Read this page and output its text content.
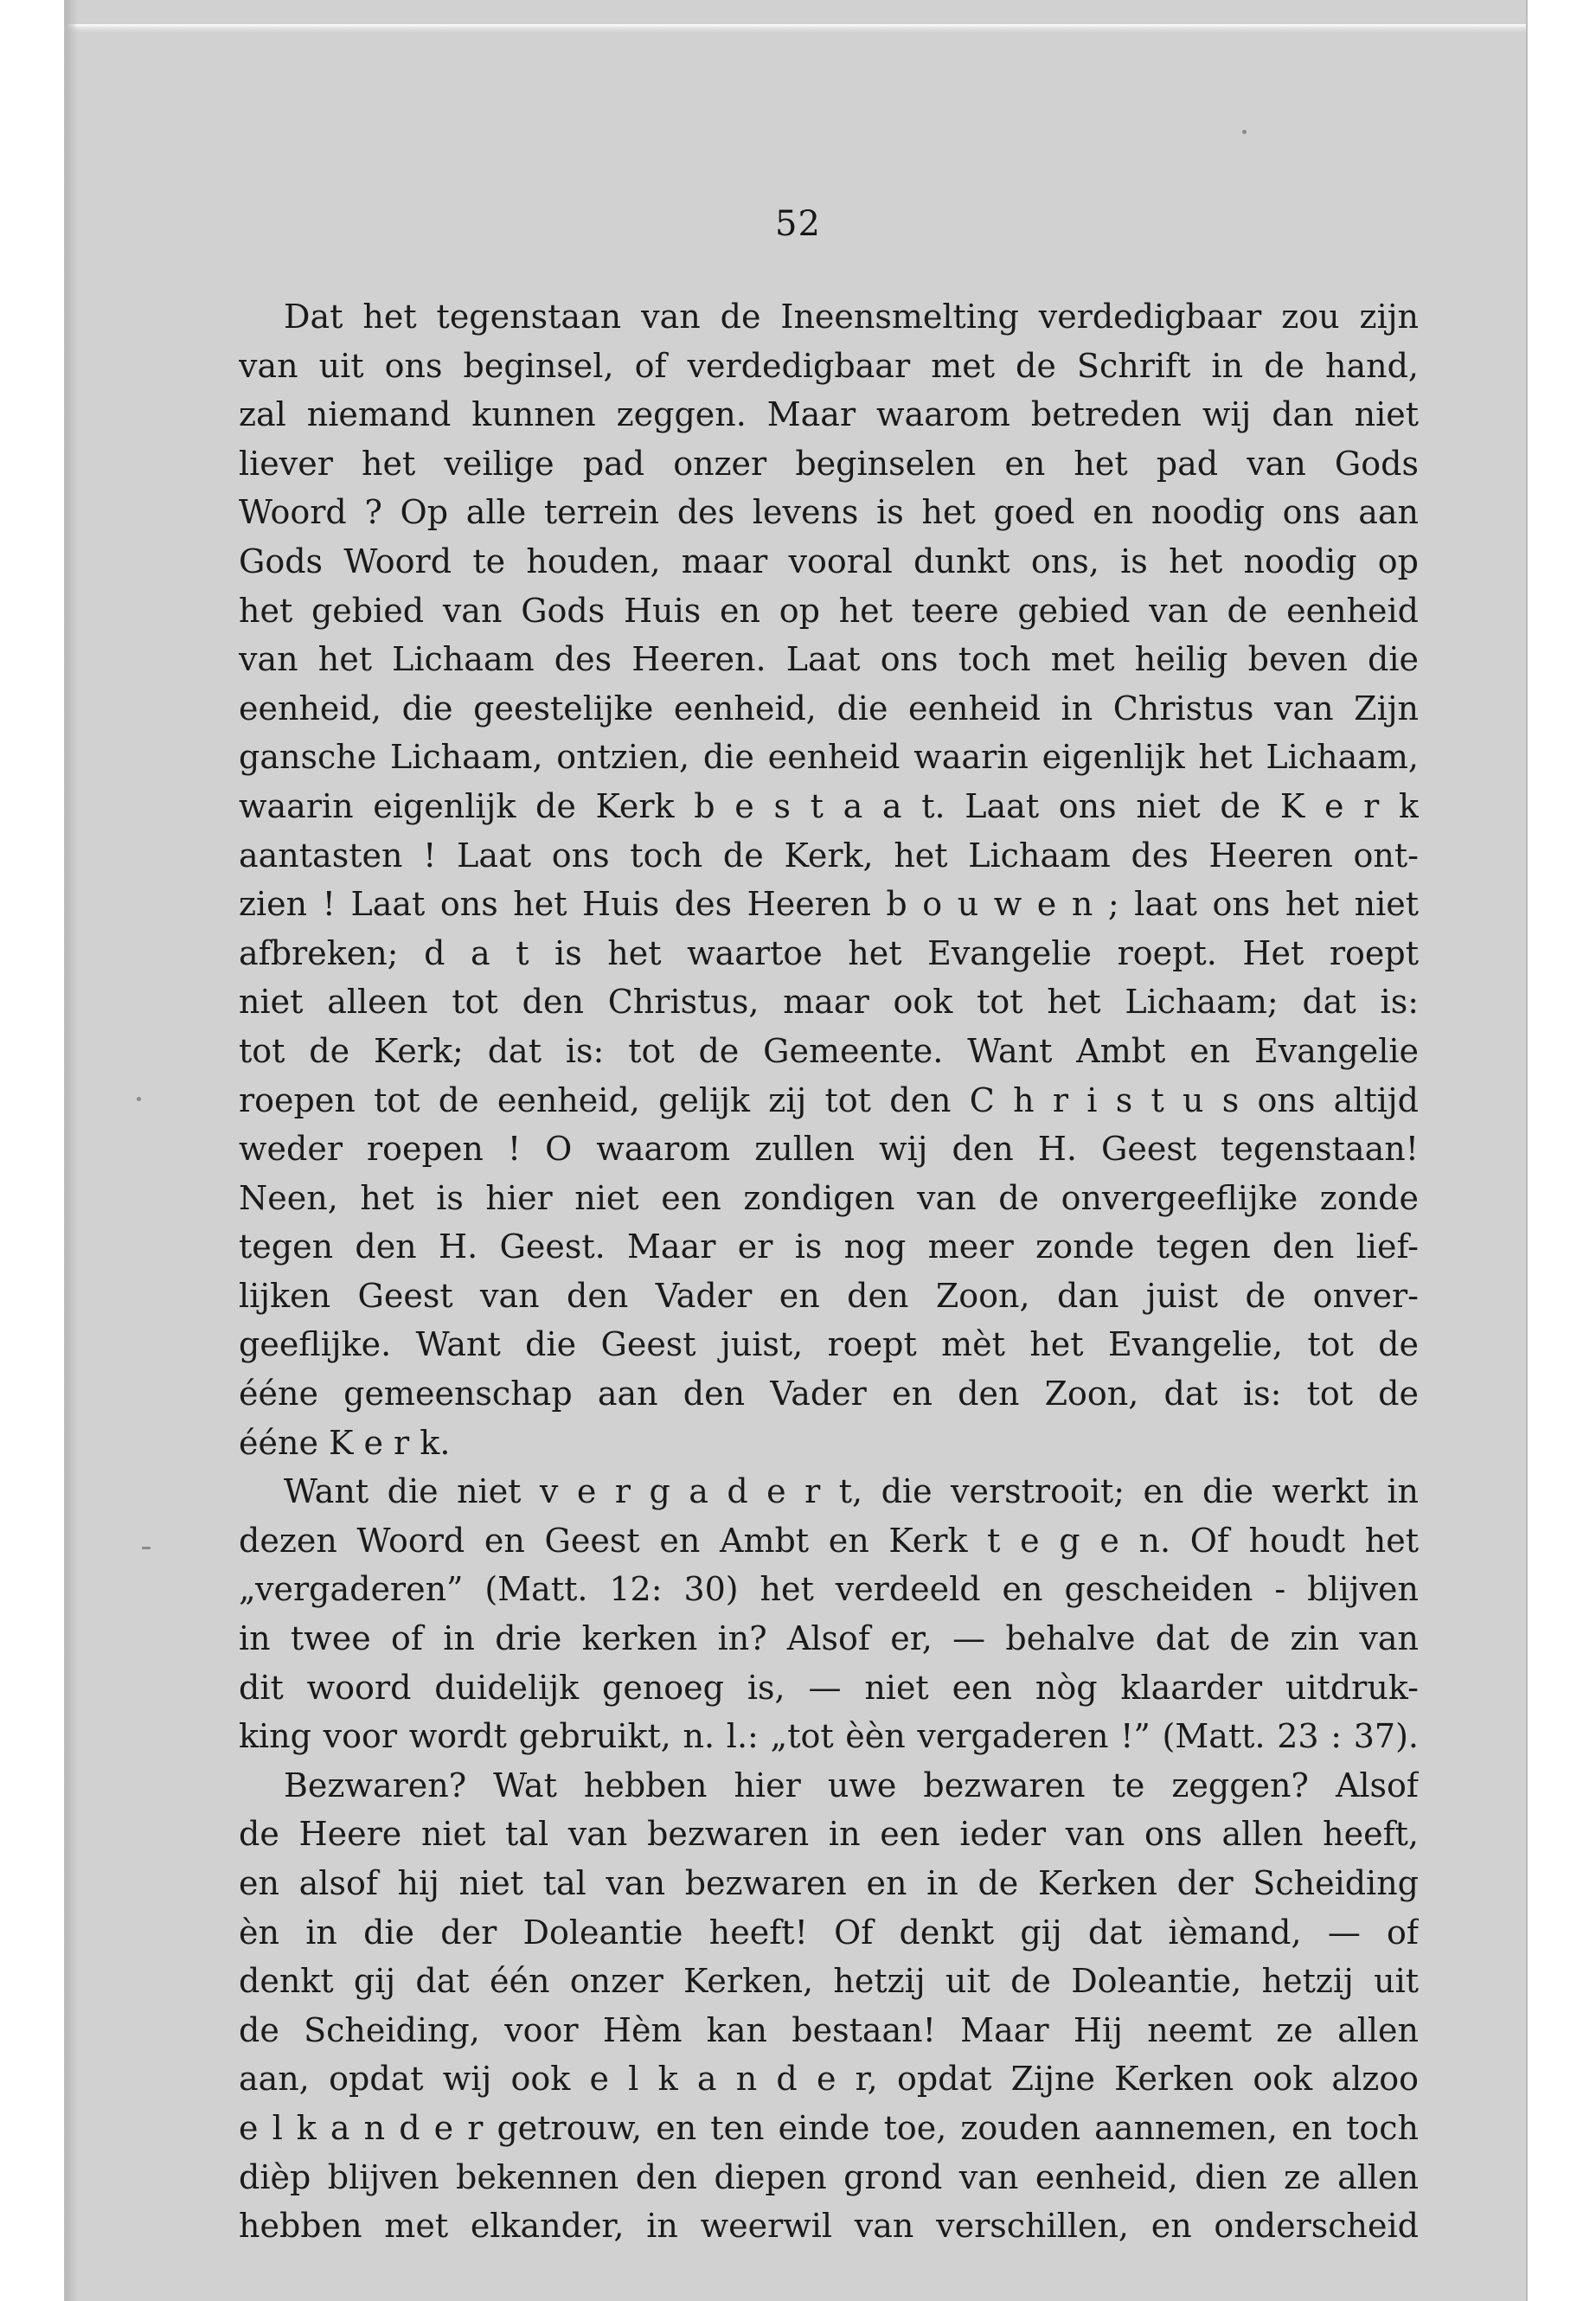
52
Dat het tegenstaan van de Ineensmelting verdedigbaar zou zijn
van uit ons beginsel, of verdedigbaar met de Schrift in de hand,
zal niemand kunnen zeggen. Maar waarom betreden wij dan niet
liever het veilige pad onzer beginselen en het pad van Gods
Woord ? Op alle terrein des levens is het goed en noodig ons aan
Gods Woord te houden, maar vooral dunkt ons, is het noodig op
het gebied van Gods Huis en op het teere gebied van de eenheid
van het Lichaam des Heeren. Laat ons toch met heilig beven die
eenheid, die geestelijke eenheid, die eenheid in Christus van Zijn
gansche Lichaam, ontzien, die eenheid waarin eigenlijk het Lichaam,
waarin eigenlijk de Kerk b e s t a a t. Laat ons niet de K e r k
aantasten ! Laat ons toch de Kerk, het Lichaam des Heeren ont-
zien ! Laat ons het Huis des Heeren b o u w e n ; laat ons het niet
afbreken; d a t is het waartoe het Evangelie roept. Het roept
niet alleen tot den Christus, maar ook tot het Lichaam; dat is:
tot de Kerk; dat is: tot de Gemeente. Want Ambt en Evangelie
roepen tot de eenheid, gelijk zij tot den C h r i s t u s ons altijd
weder roepen ! O waarom zullen wij den H. Geest tegenstaan!
Neen, het is hier niet een zondigen van de onvergeeflijke zonde
tegen den H. Geest. Maar er is nog meer zonde tegen den lief-
lijken Geest van den Vader en den Zoon, dan juist de onver-
geeflijke. Want die Geest juist, roept mèt het Evangelie, tot de
ééne gemeenschap aan den Vader en den Zoon, dat is: tot de
ééne K e r k.
Want die niet v e r g a d e r t, die verstrooit; en die werkt in
dezen Woord en Geest en Ambt en Kerk t e g e n. Of houdt het
„vergaderen” (Matt. 12: 30) het verdeeld en gescheiden - blijven
in twee of in drie kerken in? Alsof er, — behalve dat de zin van
dit woord duidelijk genoeg is, — niet een nòg klaarder uitdruk-
king voor wordt gebruikt, n. l.: „tot èèn vergaderen !” (Matt. 23 : 37).
Bezwaren? Wat hebben hier uwe bezwaren te zeggen? Alsof
de Heere niet tal van bezwaren in een ieder van ons allen heeft,
en alsof hij niet tal van bezwaren en in de Kerken der Scheiding
èn in die der Doleantie heeft! Of denkt gij dat ièmand, — of
denkt gij dat één onzer Kerken, hetzij uit de Doleantie, hetzij uit
de Scheiding, voor Hèm kan bestaan! Maar Hij neemt ze allen
aan, opdat wij ook e l k a n d e r, opdat Zijne Kerken ook alzoo
e l k a n d e r getrouw, en ten einde toe, zouden aannemen, en toch
dièp blijven bekennen den diepen grond van eenheid, dien ze allen
hebben met elkander, in weerwil van verschillen, en onderscheid
